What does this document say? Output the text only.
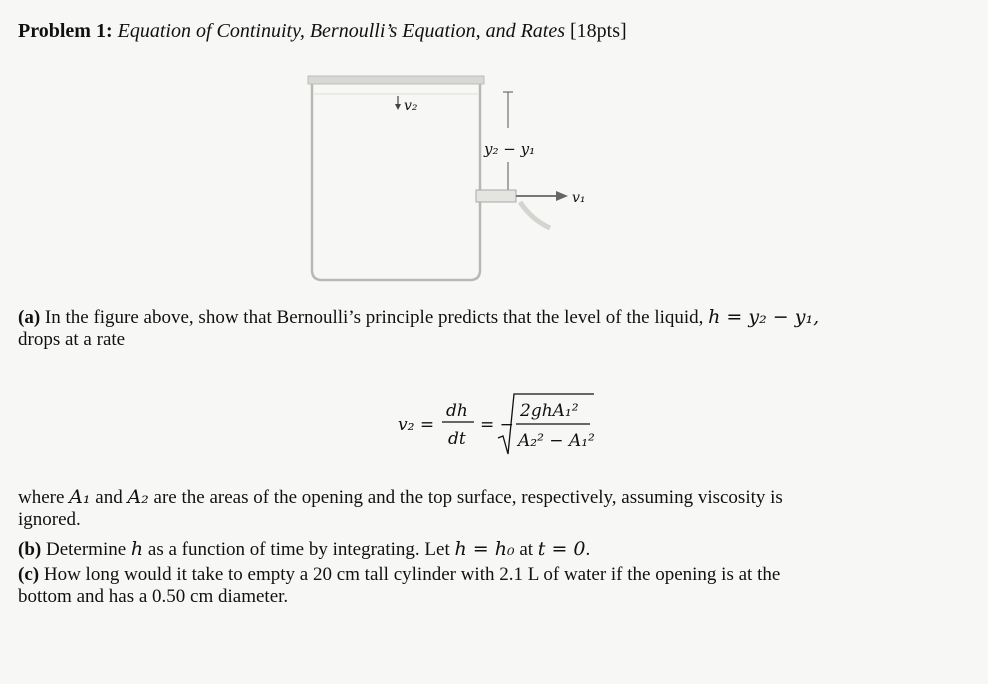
Problem 1: Equation of Continuity, Bernoulli’s Equation, and Rates [18pts]
v₂
y₂ − y₁
v₁
(a) In the figure above, show that Bernoulli’s principle predicts that the level of the liquid, h = y₂ − y₁,
drops at a rate
v₂ =
dh
dt
= −
2ghA₁²
A₂² − A₁²
where A₁ and A₂ are the areas of the opening and the top surface, respectively, assuming viscosity is
ignored.
(b) Determine h as a function of time by integrating. Let h = h₀ at t = 0.
(c) How long would it take to empty a 20 cm tall cylinder with 2.1 L of water if the opening is at the
bottom and has a 0.50 cm diameter.
